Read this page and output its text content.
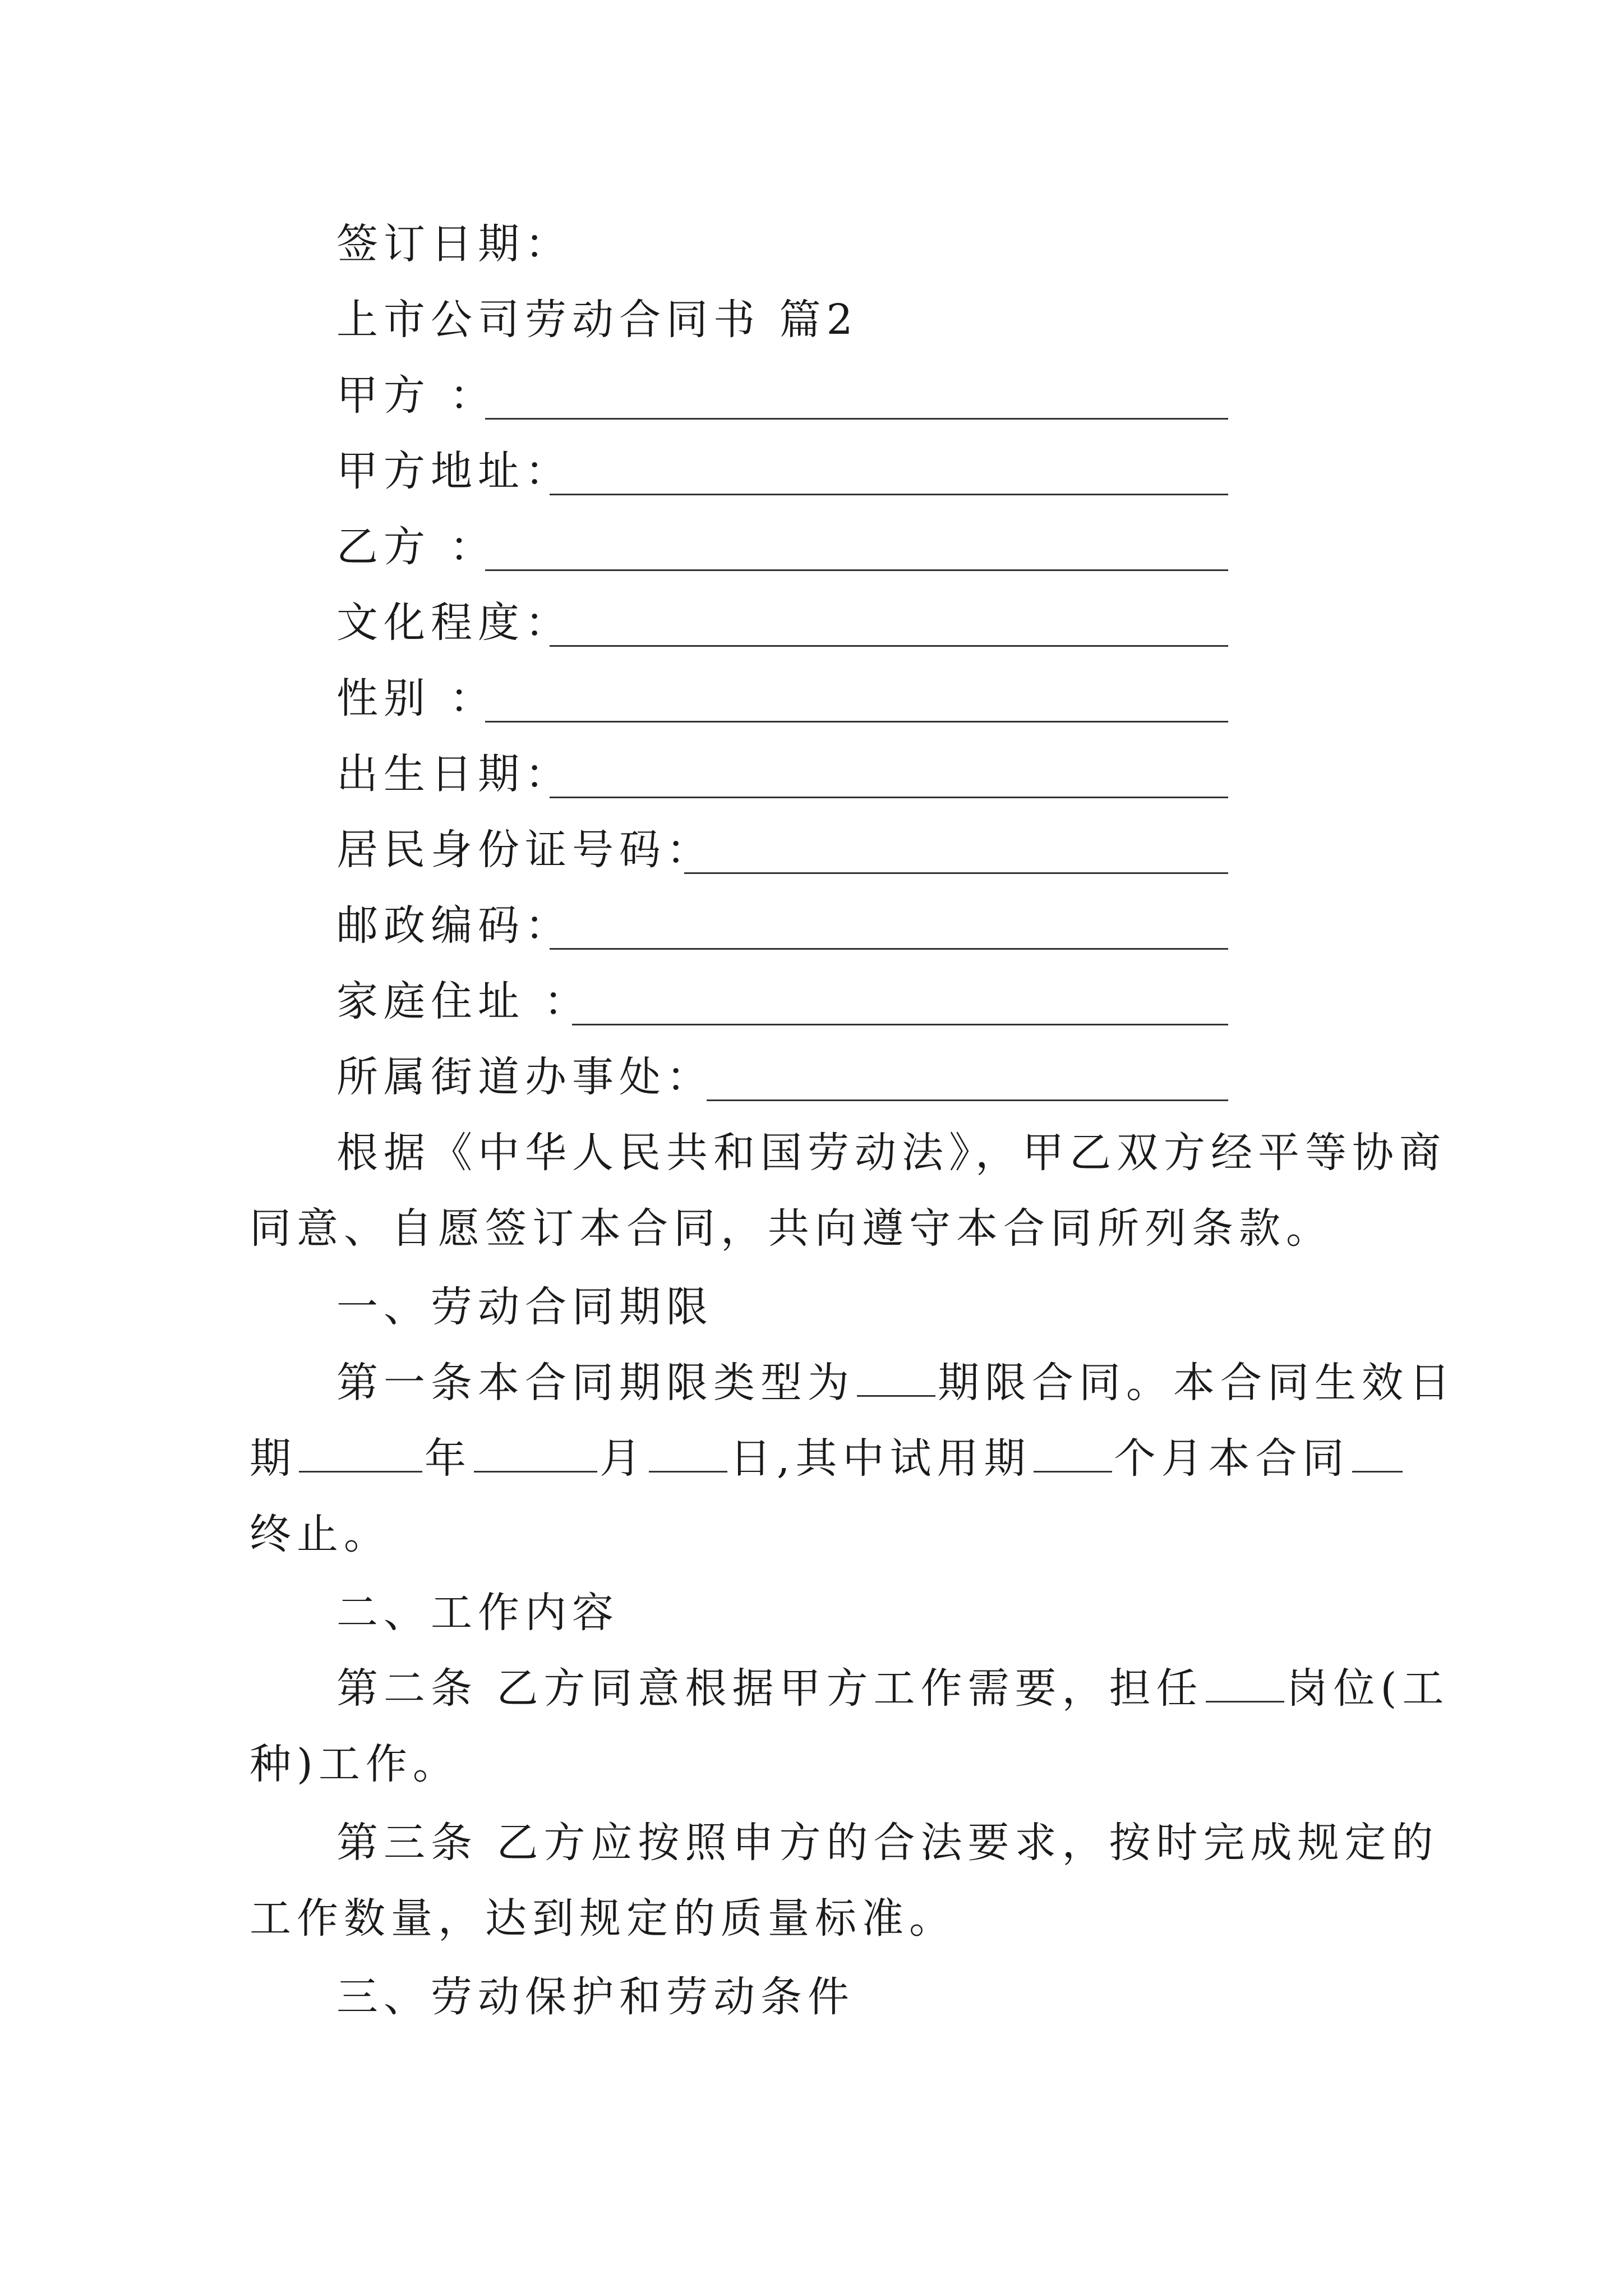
签订日期：
上市公司劳动合同书 篇2
甲方 ：
甲方地址：
乙方 ：
文化程度：
性别 ：
出生日期：
居民身份证号码：
邮政编码：
家庭住址 ：
所属街道办事处：
根据《中华人民共和国劳动法》，甲乙双方经平等协商
同意、自愿签订本合同，共向遵守本合同所列条款。
一、劳动合同期限
第一条本合同期限类型为 期限合同。本合同生效日
期	年	月 日,其中试用期 个月本合同
终止。
二、工作内容
第二条 乙方同意根据甲方工作需要，担任 岗位(工
种)工作。
第三条 乙方应按照申方的合法要求，按时完成规定的
工作数量，达到规定的质量标准。
三、劳动保护和劳动条件
